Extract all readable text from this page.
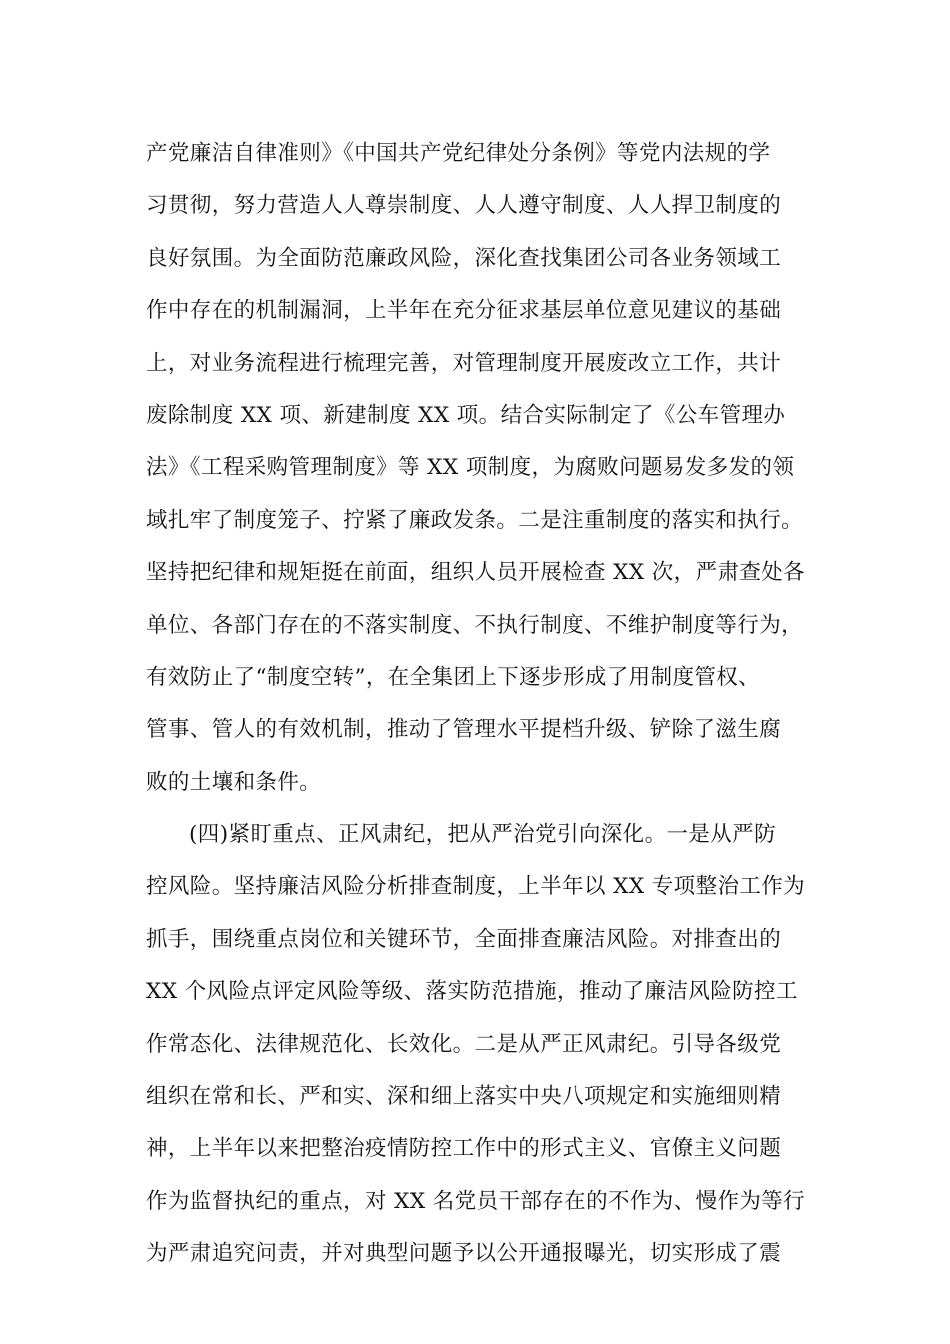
产党廉洁自律准则》《中国共产党纪律处分条例》等党内法规的学
习贯彻，努力营造人人尊崇制度、人人遵守制度、人人捍卫制度的
良好氛围。为全面防范廉政风险，深化查找集团公司各业务领域工
作中存在的机制漏洞，上半年在充分征求基层单位意见建议的基础
上，对业务流程进行梳理完善，对管理制度开展废改立工作，共计
废除制度 XX 项、新建制度 XX 项。结合实际制定了《公车管理办
法》《工程采购管理制度》等 XX 项制度，为腐败问题易发多发的领
域扎牢了制度笼子、拧紧了廉政发条。二是注重制度的落实和执行。
坚持把纪律和规矩挺在前面，组织人员开展检查 XX 次，严肃查处各
单位、各部门存在的不落实制度、不执行制度、不维护制度等行为，
有效防止了“制度空转”，在全集团上下逐步形成了用制度管权、
管事、管人的有效机制，推动了管理水平提档升级、铲除了滋生腐
败的土壤和条件。
(四)紧盯重点、正风肃纪，把从严治党引向深化。一是从严防
控风险。坚持廉洁风险分析排查制度，上半年以 XX 专项整治工作为
抓手，围绕重点岗位和关键环节，全面排查廉洁风险。对排查出的
XX 个风险点评定风险等级、落实防范措施，推动了廉洁风险防控工
作常态化、法律规范化、长效化。二是从严正风肃纪。引导各级党
组织在常和长、严和实、深和细上落实中央八项规定和实施细则精
神，上半年以来把整治疫情防控工作中的形式主义、官僚主义问题
作为监督执纪的重点，对 XX 名党员干部存在的不作为、慢作为等行
为严肃追究问责，并对典型问题予以公开通报曝光，切实形成了震
